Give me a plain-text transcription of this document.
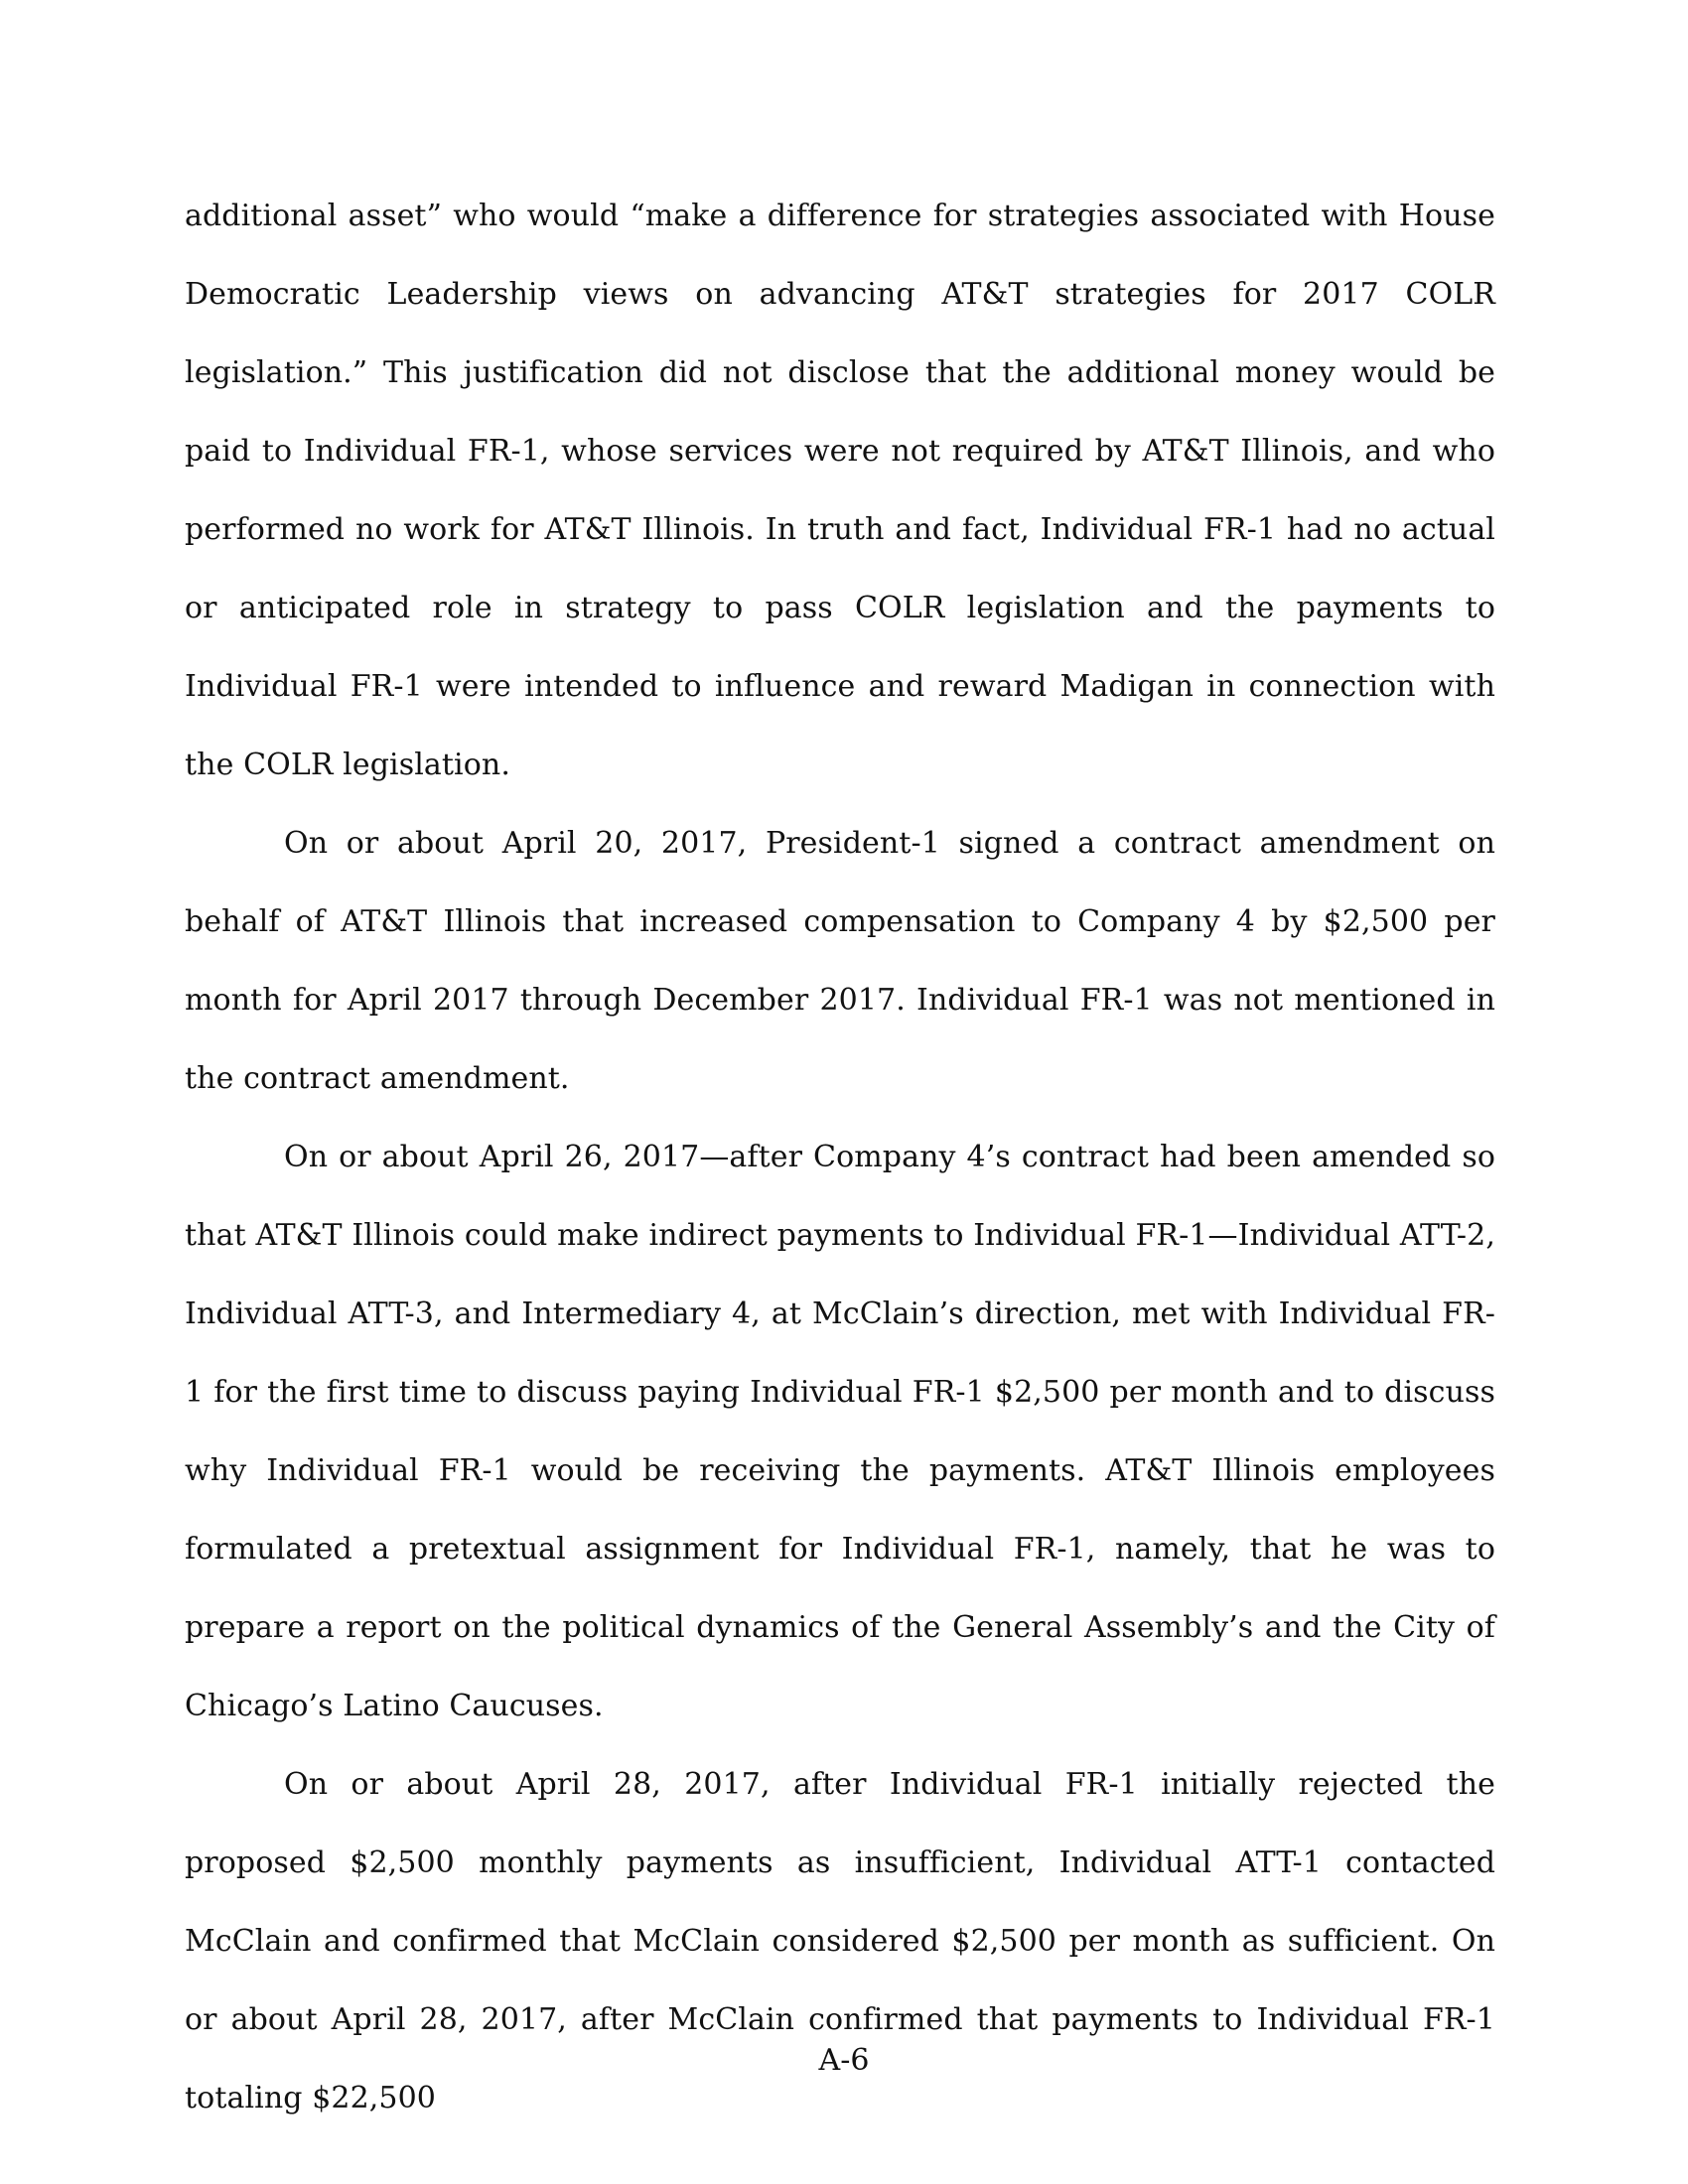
additional asset” who would “make a difference for strategies associated with House Democratic Leadership views on advancing AT&T strategies for 2017 COLR legislation.” This justification did not disclose that the additional money would be paid to Individual FR-1, whose services were not required by AT&T Illinois, and who performed no work for AT&T Illinois. In truth and fact, Individual FR-1 had no actual or anticipated role in strategy to pass COLR legislation and the payments to Individual FR-1 were intended to influence and reward Madigan in connection with the COLR legislation.

On or about April 20, 2017, President-1 signed a contract amendment on behalf of AT&T Illinois that increased compensation to Company 4 by $2,500 per month for April 2017 through December 2017. Individual FR-1 was not mentioned in the contract amendment.

On or about April 26, 2017—after Company 4’s contract had been amended so that AT&T Illinois could make indirect payments to Individual FR-1—Individual ATT-2, Individual ATT-3, and Intermediary 4, at McClain’s direction, met with Individual FR-1 for the first time to discuss paying Individual FR-1 $2,500 per month and to discuss why Individual FR-1 would be receiving the payments. AT&T Illinois employees formulated a pretextual assignment for Individual FR-1, namely, that he was to prepare a report on the political dynamics of the General Assembly’s and the City of Chicago’s Latino Caucuses.

On or about April 28, 2017, after Individual FR-1 initially rejected the proposed $2,500 monthly payments as insufficient, Individual ATT-1 contacted McClain and confirmed that McClain considered $2,500 per month as sufficient. On or about April 28, 2017, after McClain confirmed that payments to Individual FR-1 totaling $22,500

A-6
